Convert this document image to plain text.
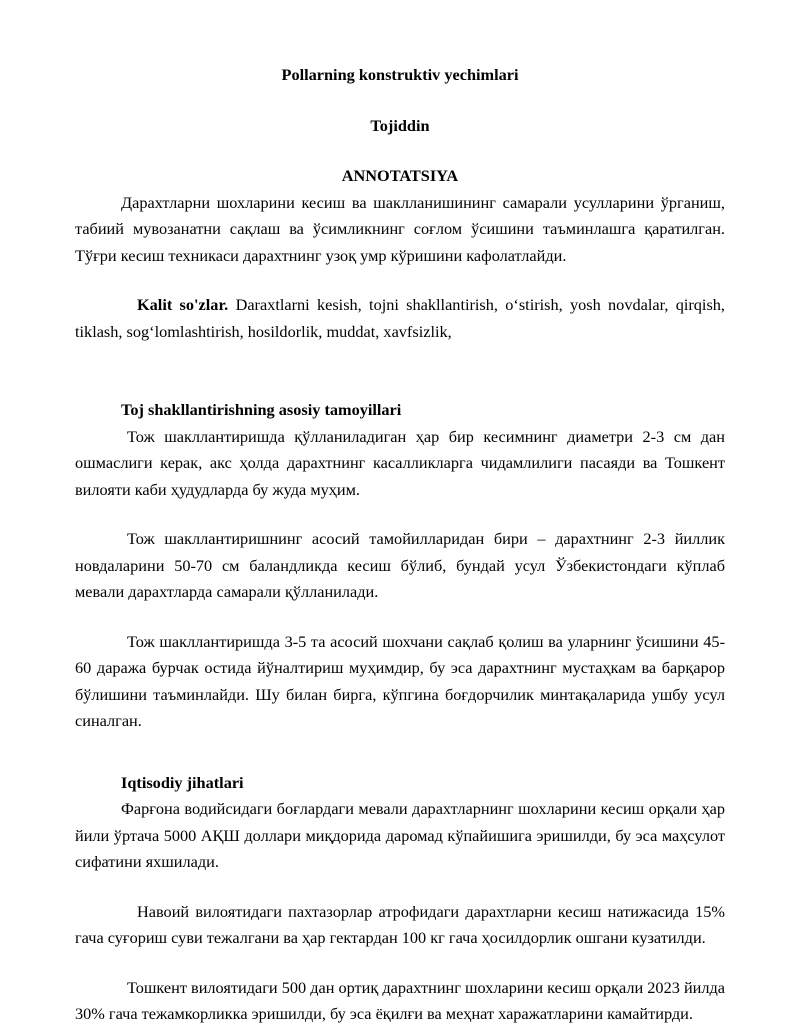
Pollarning konstruktiv yechimlari
Tojiddin
ANNOTATSIYA

Дарахтларни шохларини кесиш ва шаклланишининг самарали усулларини ўрганиш, табиий мувозанатни сақлаш ва ўсимликнинг соғлом ўсишини таъминлашга қаратилган. Тўғри кесиш техникаси дарахтнинг узоқ умр кўришини кафолатлайди.

Kalit so'zlar. Daraxtlarni kesish, tojni shakllantirish, oʻstirish, yosh novdalar, qirqish, tiklash, sogʻlomlashtirish, hosildorlik, muddat, xavfsizlik,

Toj shakllantirishning asosiy tamoyillari

Тож шакллантиришда қўлланиладиган ҳар бир кесимнинг диаметри 2-3 см дан ошмаслиги керак, акс ҳолда дарахтнинг касалликларга чидамлилиги пасаяди ва Тошкент вилояти каби ҳудудларда бу жуда муҳим.

Тож шакллантиришнинг асосий тамойилларидан бири – дарахтнинг 2-3 йиллик новдаларини 50-70 см баландликда кесиш бўлиб, бундай усул Ўзбекистондаги кўплаб мевали дарахтларда самарали қўлланилади.

Тож шакллантиришда 3-5 та асосий шохчани сақлаб қолиш ва уларнинг ўсишини 45-60 даража бурчак остида йўналтириш муҳимдир, бу эса дарахтнинг мустаҳкам ва барқарор бўлишини таъминлайди. Шу билан бирга, кўпгина боғдорчилик минтақаларида ушбу усул синалган.

Iqtisodiy jihatlari

Фарғона водийсидаги боғлардаги мевали дарахтларнинг шохларини кесиш орқали ҳар йили ўртача 5000 АҚШ доллари миқдорида даромад кўпайишига эришилди, бу эса маҳсулот сифатини яхшилади.

Навоий вилоятидаги пахтазорлар атрофидаги дарахтларни кесиш натижасида 15% гача суғориш суви тежалгани ва ҳар гектардан 100 кг гача ҳосилдорлик ошгани кузатилди.

Тошкент вилоятидаги 500 дан ортиқ дарахтнинг шохларини кесиш орқали 2023 йилда 30% гача тежамкорликка эришилди, бу эса ёқилғи ва меҳнат харажатларини камайтирди.
